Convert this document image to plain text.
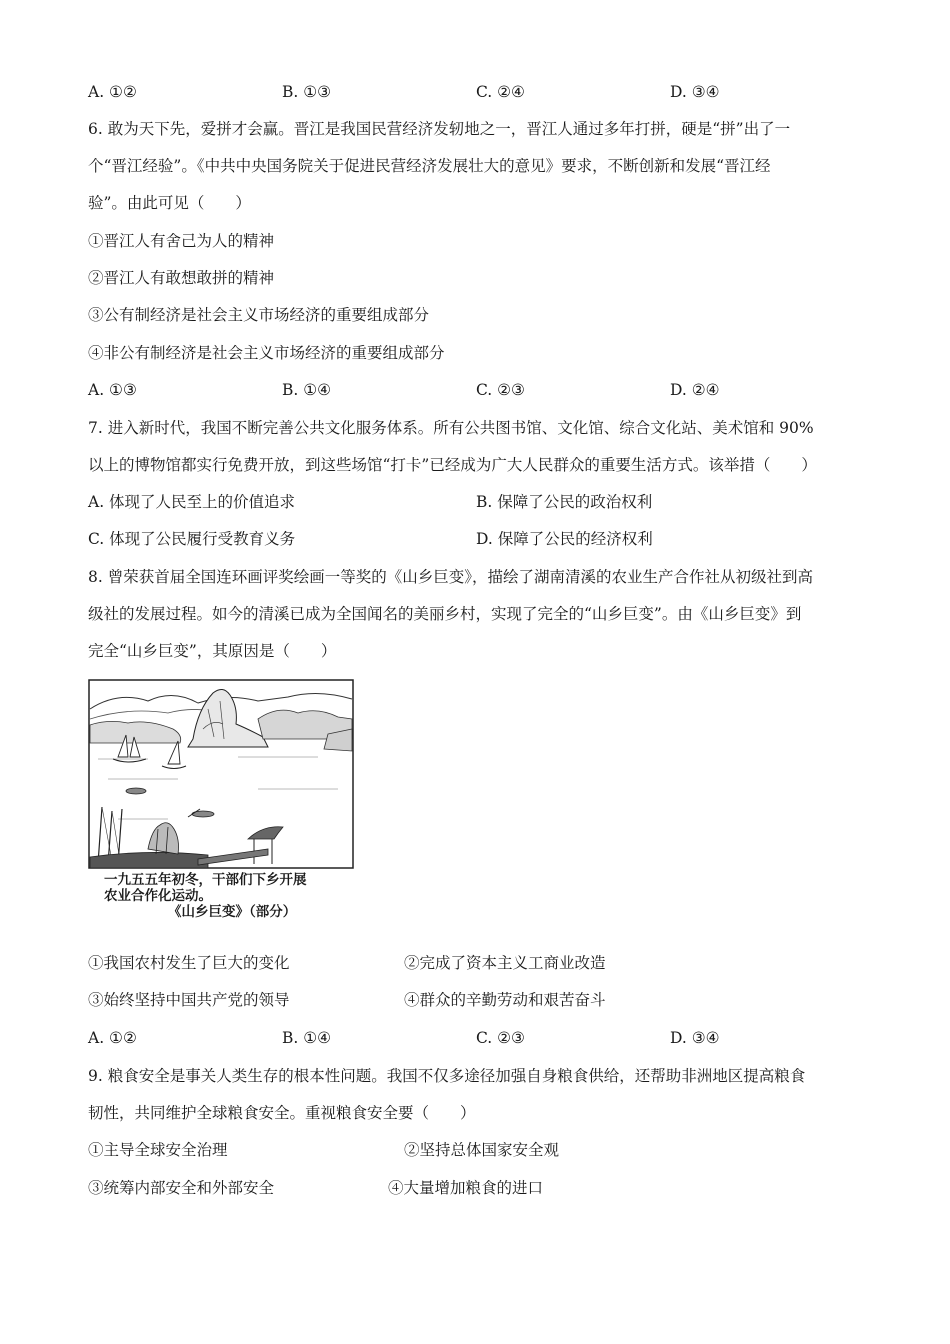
A. ①②	B. ①③	C. ②④	D. ③④
6. 敢为天下先，爱拼才会赢。晋江是我国民营经济发轫地之一，晋江人通过多年打拼，硬是“拼”出了一
个“晋江经验”。《中共中央国务院关于促进民营经济发展壮大的意见》要求，不断创新和发展“晋江经
验”。由此可见（　　）
①晋江人有舍己为人的精神
②晋江人有敢想敢拼的精神
③公有制经济是社会主义市场经济的重要组成部分
④非公有制经济是社会主义市场经济的重要组成部分
A. ①③	B. ①④	C. ②③	D. ②④
7. 进入新时代，我国不断完善公共文化服务体系。所有公共图书馆、文化馆、综合文化站、美术馆和 90%
以上的博物馆都实行免费开放，到这些场馆“打卡”已经成为广大人民群众的重要生活方式。该举措（　　）
A. 体现了人民至上的价值追求	B. 保障了公民的政治权利
C. 体现了公民履行受教育义务	D. 保障了公民的经济权利
8. 曾荣获首届全国连环画评奖绘画一等奖的《山乡巨变》，描绘了湖南清溪的农业生产合作社从初级社到高
级社的发展过程。如今的清溪已成为全国闻名的美丽乡村，实现了完全的“山乡巨变”。由《山乡巨变》到
完全“山乡巨变”，其原因是（　　）
一九五五年初冬，干部们下乡开展
农业合作化运动。
《山乡巨变》（部分）
①我国农村发生了巨大的变化	②完成了资本主义工商业改造
③始终坚持中国共产党的领导	④群众的辛勤劳动和艰苦奋斗
A. ①②	B. ①④	C. ②③	D. ③④
9. 粮食安全是事关人类生存的根本性问题。我国不仅多途径加强自身粮食供给，还帮助非洲地区提高粮食
韧性，共同维护全球粮食安全。重视粮食安全要（　　）
①主导全球安全治理	②坚持总体国家安全观
③统筹内部安全和外部安全	④大量增加粮食的进口
